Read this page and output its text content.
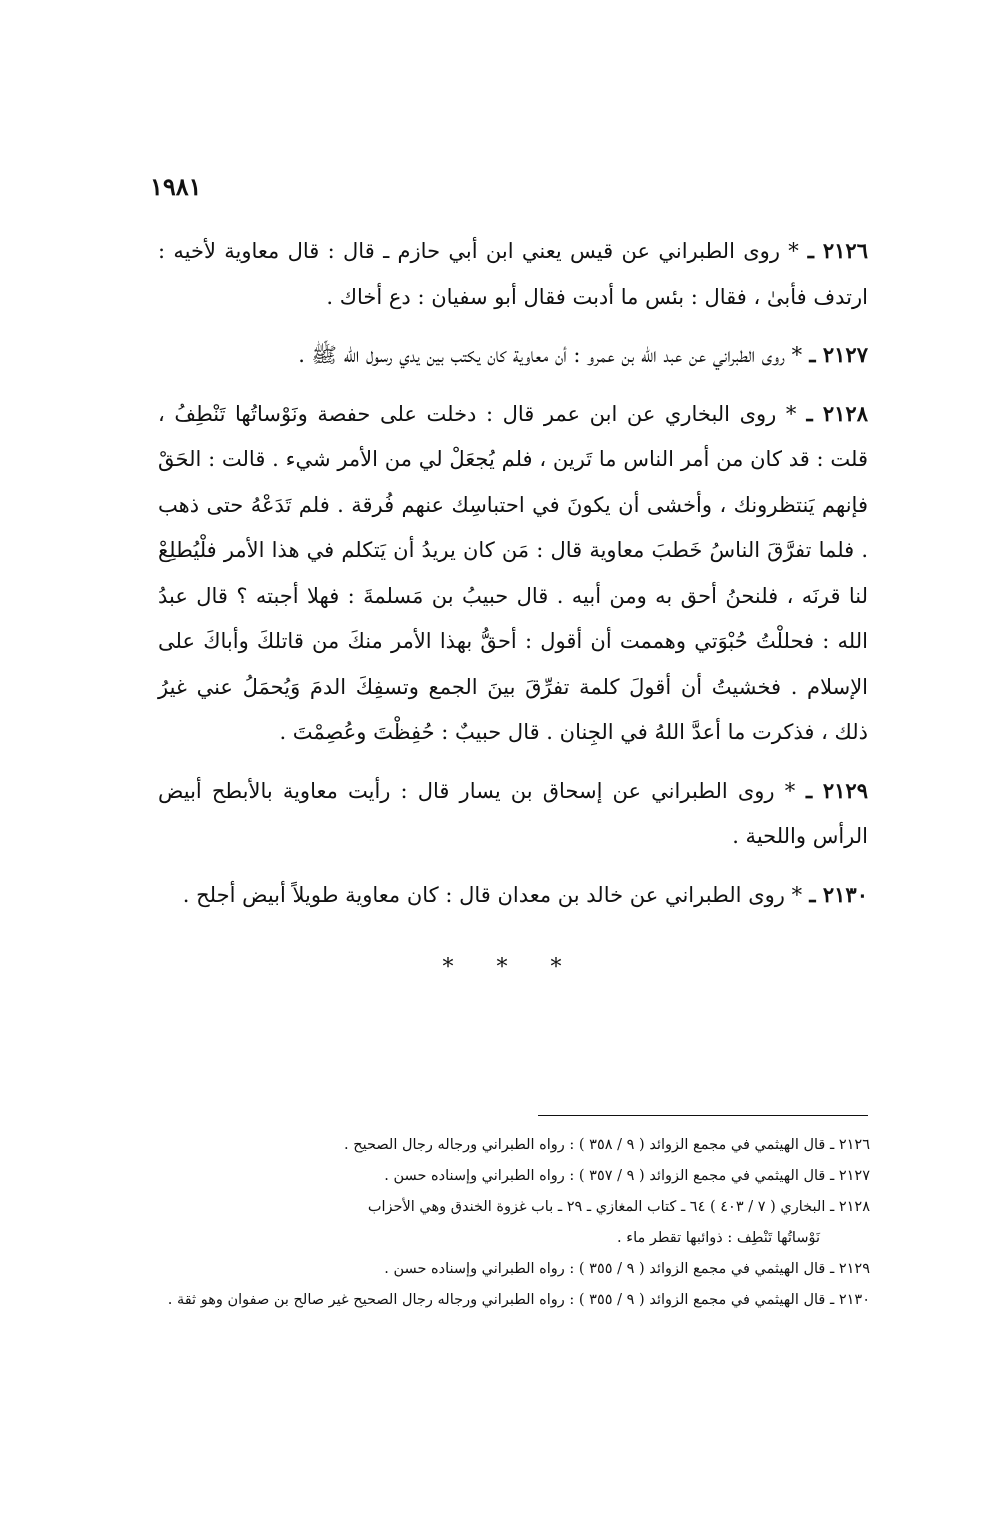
١٩٨١

٢١٢٦ ـ * روى الطبراني عن قيس يعني ابن أبي حازم ـ قال : قال معاوية لأخيه : ارتدف فأبىٰ ، فقال : بئس ما أدبت فقال أبو سفيان : دع أخاك .

٢١٢٧ ـ * روى الطبراني عن عبد الله بن عمرو : أن معاوية كان يكتب بين يدي رسول الله ﷺ .

٢١٢٨ ـ * روى البخاري عن ابن عمر قال : دخلت على حفصة ونَوْساتُها تَنْطِفُ ، قلت : قد كان من أمر الناس ما تَرين ، فلم يُجعَلْ لي من الأمر شيء . قالت : الحَقْ فإنهم يَنتظرونك ، وأخشى أن يكونَ في احتباسِك عنهم فُرقة . فلم تَدَعْهُ حتى ذهب . فلما تفرَّقَ الناسُ خَطبَ معاوية قال : مَن كان يريدُ أن يَتكلم في هذا الأمر فلْيُطلِعْ لنا قرنَه ، فلنحنُ أحق به ومن أبيه . قال حبيبُ بن مَسلمةَ : فهلا أجبته ؟ قال عبدُ الله : فحللْتُ حُبْوَتي وهممت أن أقول : أحقُّ بهذا الأمر منكَ من قاتلكَ وأباكَ على الإسلام . فخشيتُ أن أقولَ كلمة تفرِّقَ بينَ الجمع وتسفِكَ الدمَ وَيُحمَلُ عني غيرُ ذلك ، فذكرت ما أعدَّ اللهُ في الجِنان . قال حبيبٌ : حُفِظْتَ وعُصِمْتَ .

٢١٢٩ ـ * روى الطبراني عن إسحاق بن يسار قال : رأيت معاوية بالأبطح أبيض الرأس واللحية .

٢١٣٠ ـ * روى الطبراني عن خالد بن معدان قال : كان معاوية طويلاً أبيض أجلح .

* * *
٢١٢٦ ـ قال الهيثمي في مجمع الزوائد ( ٩ / ٣٥٨ ) : رواه الطبراني ورجاله رجال الصحيح .
٢١٢٧ ـ قال الهيثمي في مجمع الزوائد ( ٩ / ٣٥٧ ) : رواه الطبراني وإسناده حسن .
٢١٢٨ ـ البخاري ( ٧ / ٤٠٣ ) ٦٤ ـ كتاب المغازي ـ ٢٩ ـ باب غزوة الخندق وهي الأحزاب
نَوْساتُها تَنْطِف : ذوائبها تقطر ماء .
٢١٢٩ ـ قال الهيثمي في مجمع الزوائد ( ٩ / ٣٥٥ ) : رواه الطبراني وإسناده حسن .
٢١٣٠ ـ قال الهيثمي في مجمع الزوائد ( ٩ / ٣٥٥ ) : رواه الطبراني ورجاله رجال الصحيح غير صالح بن صفوان وهو ثقة .
